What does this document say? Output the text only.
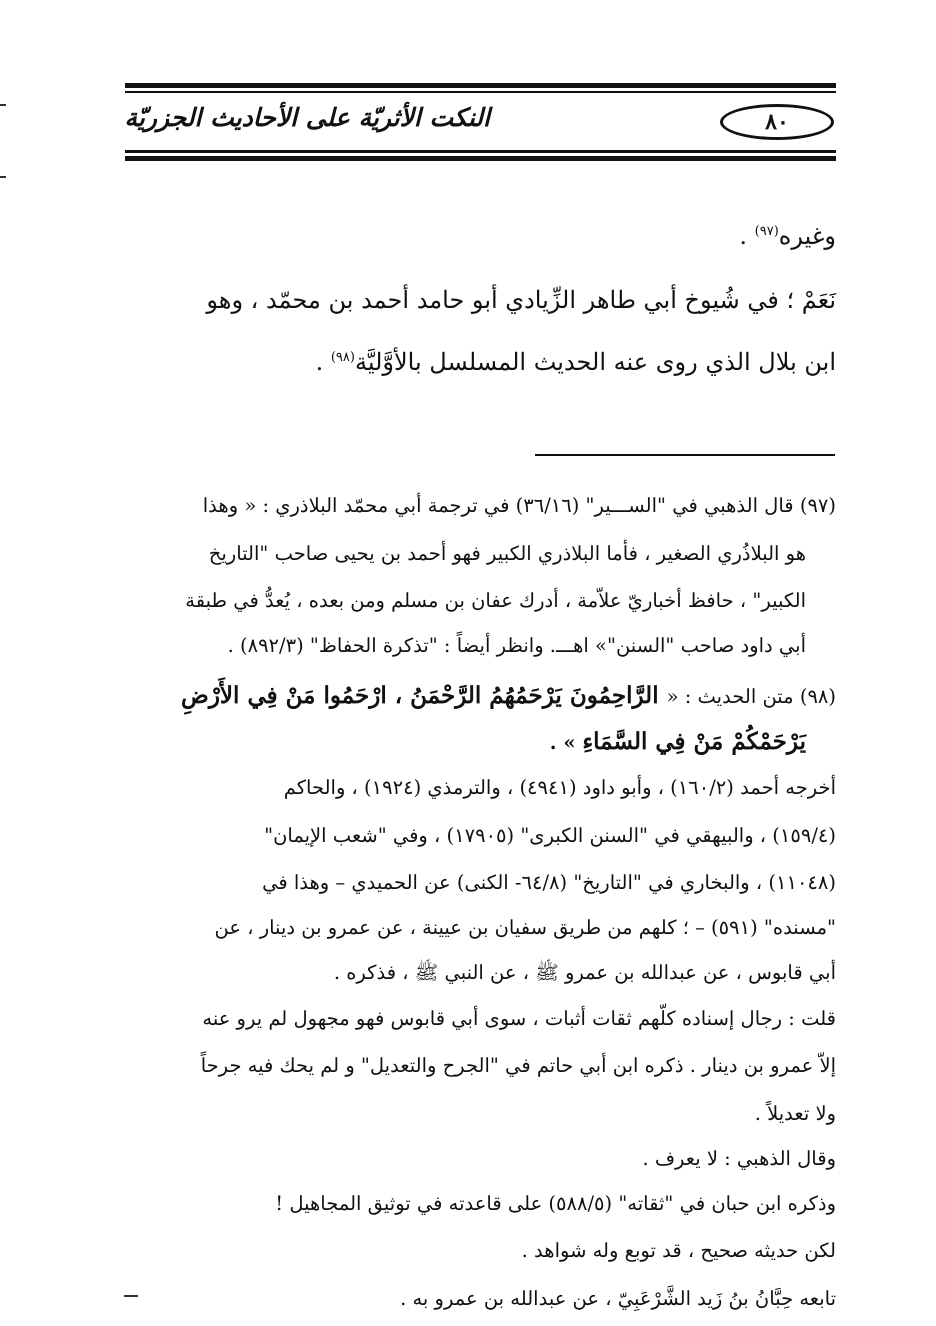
النكت الأثريّة على الأحاديث الجزريّة	٨٠
وغيره$^{(٩٧)}$ .
نَعَمْ ؛ في شُيوخ أبي طاهر الزِّيادي أبو حامد أحمد بن محمّد ، وهو
ابن بلال الذي روى عنه الحديث المسلسل بالأوَّليَّة$^{(٩٨)}$ .
(٩٧) قال الذهبي في "الســـير" (٣٦/١٦) في ترجمة أبي محمّد البلاذري : « وهذا
هو البلاذُري الصغير ، فأما البلاذري الكبير فهو أحمد بن يحيى صاحب "التاريخ
الكبير" ، حافظ أخباريّ علاّمة ، أدرك عفان بن مسلم ومن بعده ، يُعدُّ في طبقة
أبي داود صاحب "السنن"» اهـــ. وانظر أيضاً : "تذكرة الحفاظ" (٨٩٢/٣) .
(٩٨) متن الحديث : « الرَّاحِمُونَ يَرْحَمُهُمُ الرَّحْمَنُ ، ارْحَمُوا مَنْ فِي الأَرْضِ
يَرْحَمْكُمْ مَنْ فِي السَّمَاءِ » .
أخرجه أحمد (١٦٠/٢) ، وأبو داود (٤٩٤١) ، والترمذي (١٩٢٤) ، والحاكم
(١٥٩/٤) ، والبيهقي في "السنن الكبرى" (١٧٩٠٥) ، وفي "شعب الإيمان"
(١١٠٤٨) ، والبخاري في "التاريخ" (٦٤/٨- الكنى) عن الحميدي – وهذا في
"مسنده" (٥٩١) – ؛ كلهم من طريق سفيان بن عيينة ، عن عمرو بن دينار ، عن
أبي قابوس ، عن عبدالله بن عمرو ﷺ ، عن النبي ﷺ ، فذكره .
قلت : رجال إسناده كلّهم ثقات أثبات ، سوى أبي قابوس فهو مجهول لم يرو عنه
إلاّ عمرو بن دينار . ذكره ابن أبي حاتم في "الجرح والتعديل" و لم يحك فيه جرحاً
ولا تعديلاً .
وقال الذهبي : لا يعرف .
وذكره ابن حبان في "ثقاته" (٥٨٨/٥) على قاعدته في توثيق المجاهيل !
لكن حديثه صحيح ، قد توبع وله شواهد .
تابعه حِبَّانُ بنُ زَيد الشَّرْعَبِيّ ، عن عبدالله بن عمرو به .
